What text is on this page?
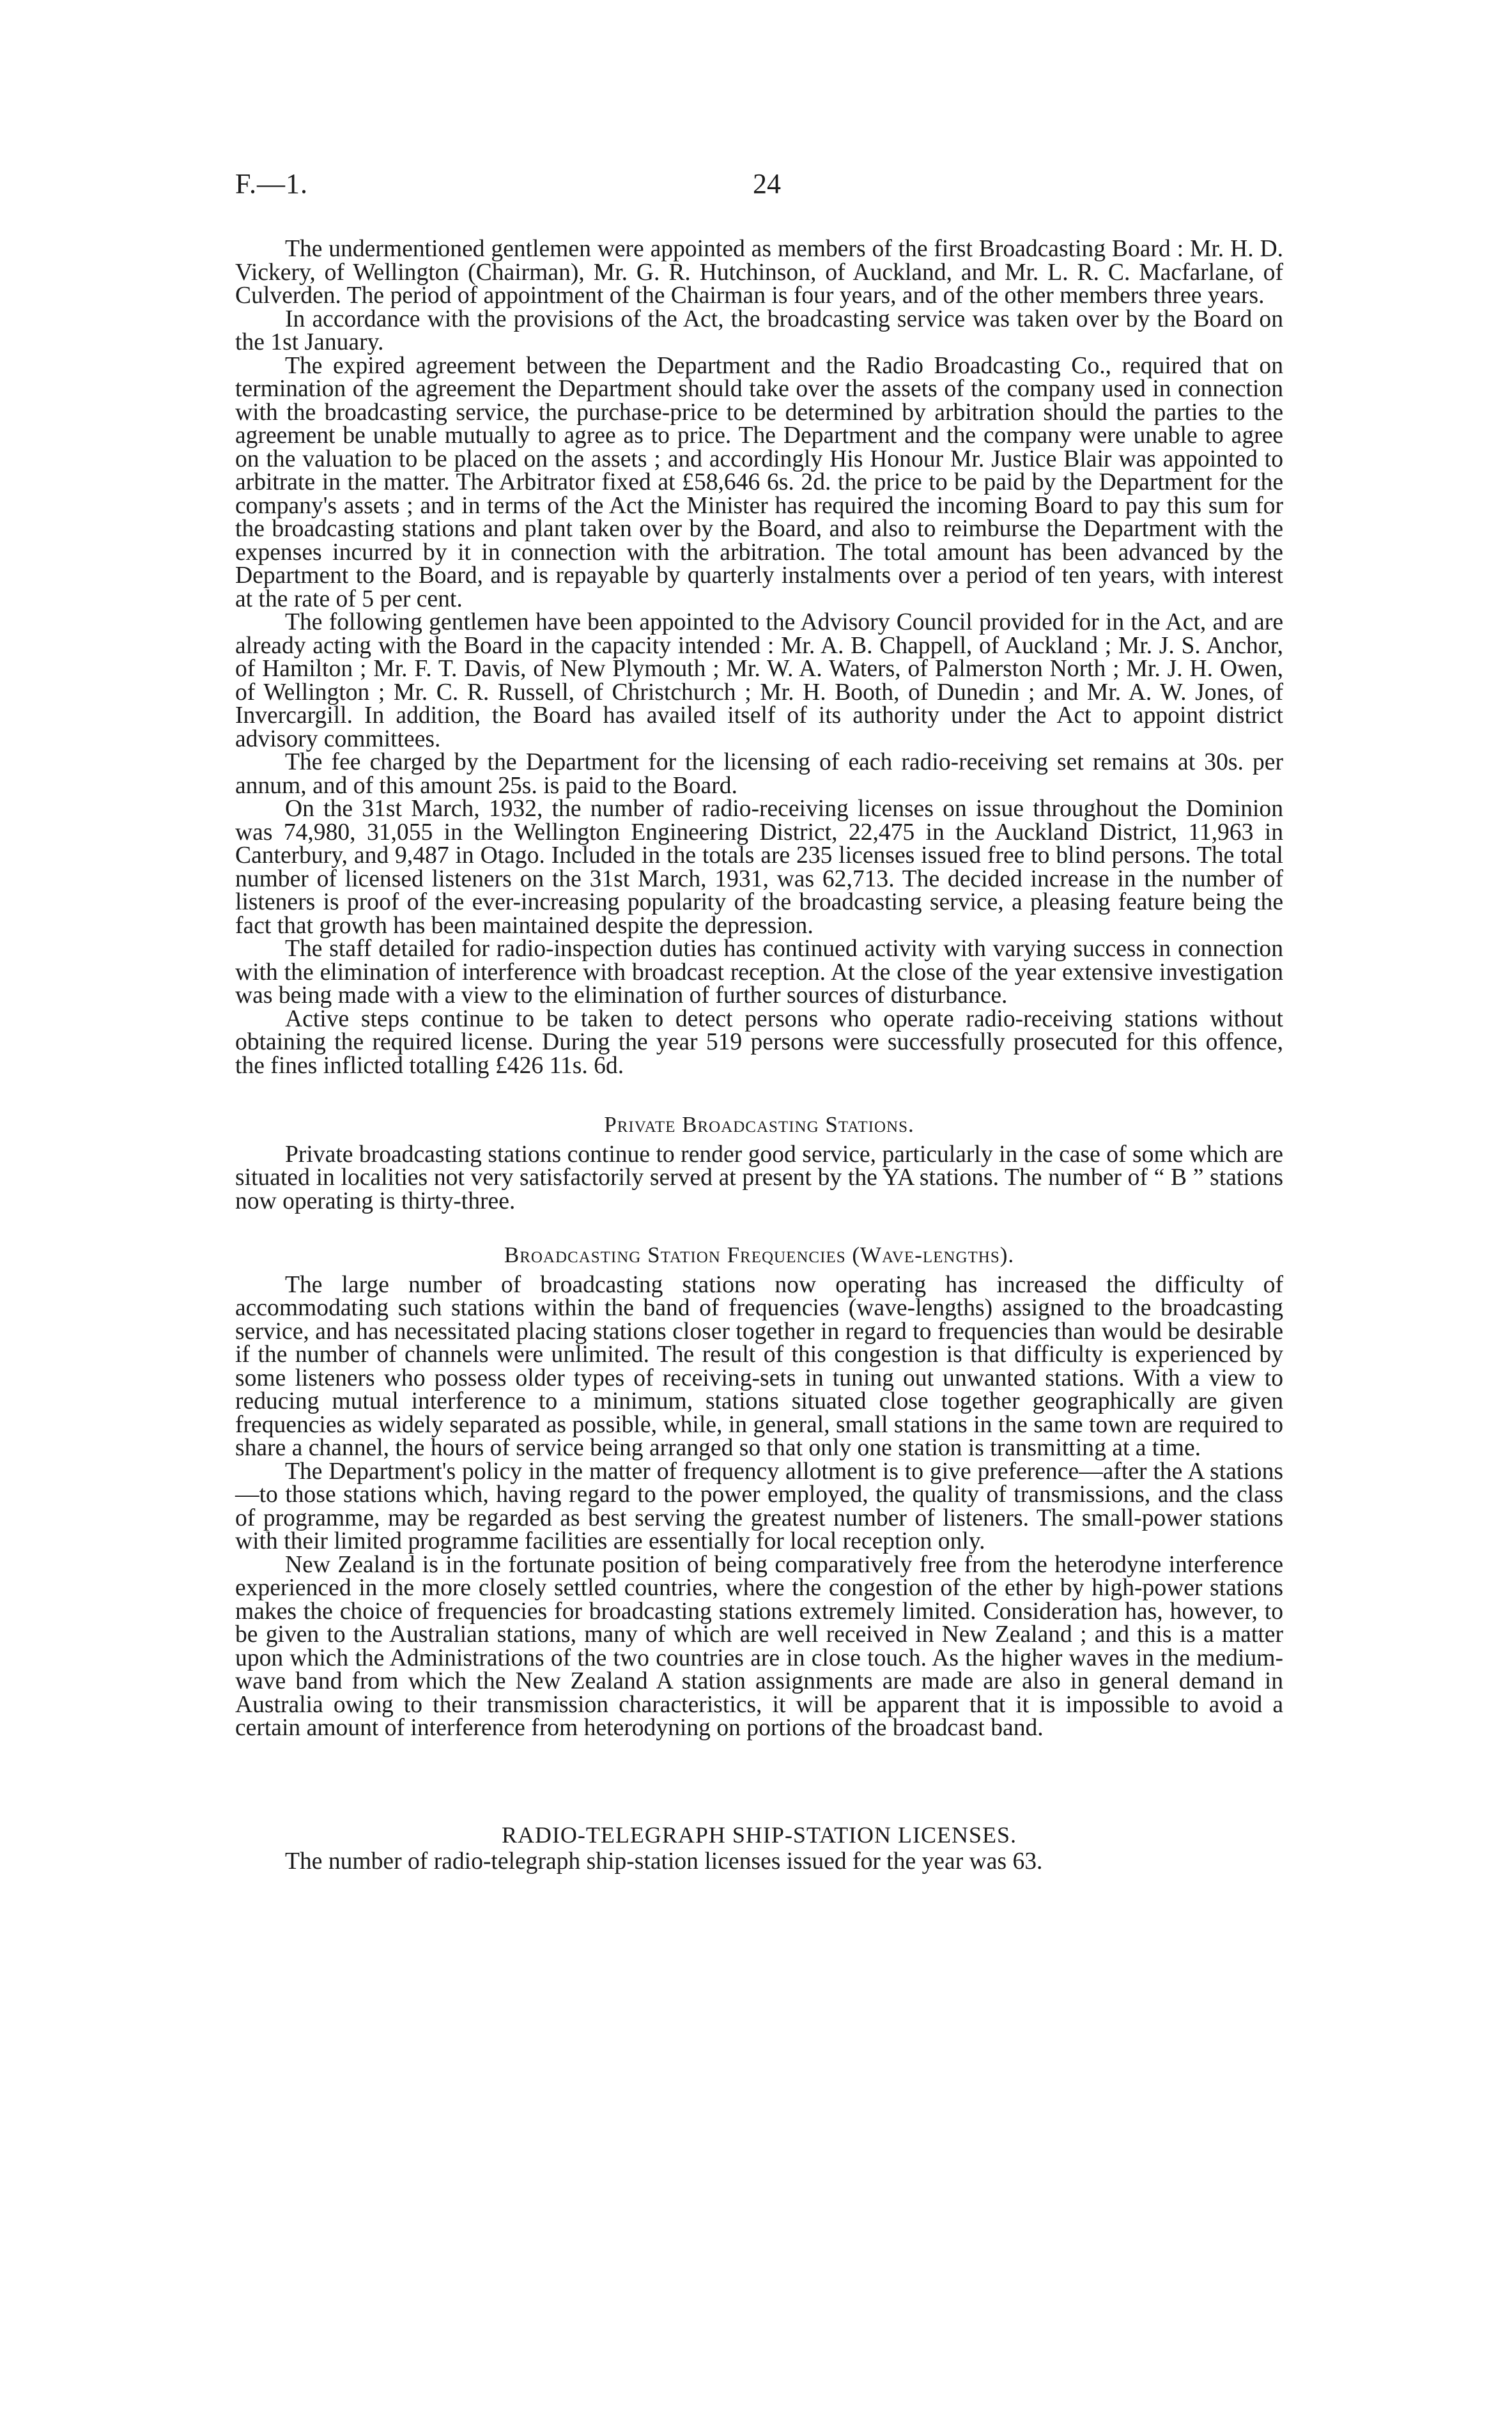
F.—1.	24

The undermentioned gentlemen were appointed as members of the first Broadcasting Board : Mr. H. D. Vickery, of Wellington (Chairman), Mr. G. R. Hutchinson, of Auckland, and Mr. L. R. C. Macfarlane, of Culverden. The period of appointment of the Chairman is four years, and of the other members three years.

In accordance with the provisions of the Act, the broadcasting service was taken over by the Board on the 1st January.

The expired agreement between the Department and the Radio Broadcasting Co., required that on termination of the agreement the Department should take over the assets of the company used in connection with the broadcasting service, the purchase-price to be determined by arbitration should the parties to the agreement be unable mutually to agree as to price. The Department and the company were unable to agree on the valuation to be placed on the assets ; and accordingly His Honour Mr. Justice Blair was appointed to arbitrate in the matter. The Arbitrator fixed at £58,646 6s. 2d. the price to be paid by the Department for the company's assets ; and in terms of the Act the Minister has required the incoming Board to pay this sum for the broadcasting stations and plant taken over by the Board, and also to reimburse the Department with the expenses incurred by it in connection with the arbitration. The total amount has been advanced by the Department to the Board, and is repayable by quarterly instalments over a period of ten years, with interest at the rate of 5 per cent.

The following gentlemen have been appointed to the Advisory Council provided for in the Act, and are already acting with the Board in the capacity intended : Mr. A. B. Chappell, of Auckland ; Mr. J. S. Anchor, of Hamilton ; Mr. F. T. Davis, of New Plymouth ; Mr. W. A. Waters, of Palmerston North ; Mr. J. H. Owen, of Wellington ; Mr. C. R. Russell, of Christchurch ; Mr. H. Booth, of Dunedin ; and Mr. A. W. Jones, of Invercargill. In addition, the Board has availed itself of its authority under the Act to appoint district advisory committees.

The fee charged by the Department for the licensing of each radio-receiving set remains at 30s. per annum, and of this amount 25s. is paid to the Board.

On the 31st March, 1932, the number of radio-receiving licenses on issue throughout the Dominion was 74,980, 31,055 in the Wellington Engineering District, 22,475 in the Auckland District, 11,963 in Canterbury, and 9,487 in Otago. Included in the totals are 235 licenses issued free to blind persons. The total number of licensed listeners on the 31st March, 1931, was 62,713. The decided increase in the number of listeners is proof of the ever-increasing popularity of the broadcasting service, a pleasing feature being the fact that growth has been maintained despite the depression.

The staff detailed for radio-inspection duties has continued activity with varying success in connection with the elimination of interference with broadcast reception. At the close of the year extensive investigation was being made with a view to the elimination of further sources of disturbance.

Active steps continue to be taken to detect persons who operate radio-receiving stations without obtaining the required license. During the year 519 persons were successfully prosecuted for this offence, the fines inflicted totalling £426 11s. 6d.

Private Broadcasting Stations.

Private broadcasting stations continue to render good service, particularly in the case of some which are situated in localities not very satisfactorily served at present by the YA stations. The number of “ B ” stations now operating is thirty-three.

Broadcasting Station Frequencies (Wave-lengths).

The large number of broadcasting stations now operating has increased the difficulty of accommodating such stations within the band of frequencies (wave-lengths) assigned to the broadcasting service, and has necessitated placing stations closer together in regard to frequencies than would be desirable if the number of channels were unlimited. The result of this congestion is that difficulty is experienced by some listeners who possess older types of receiving-sets in tuning out unwanted stations. With a view to reducing mutual interference to a minimum, stations situated close together geographically are given frequencies as widely separated as possible, while, in general, small stations in the same town are required to share a channel, the hours of service being arranged so that only one station is transmitting at a time.

The Department's policy in the matter of frequency allotment is to give preference—after the A stations—to those stations which, having regard to the power employed, the quality of transmissions, and the class of programme, may be regarded as best serving the greatest number of listeners. The small-power stations with their limited programme facilities are essentially for local reception only.

New Zealand is in the fortunate position of being comparatively free from the heterodyne interference experienced in the more closely settled countries, where the congestion of the ether by high-power stations makes the choice of frequencies for broadcasting stations extremely limited. Consideration has, however, to be given to the Australian stations, many of which are well received in New Zealand ; and this is a matter upon which the Administrations of the two countries are in close touch. As the higher waves in the medium-wave band from which the New Zealand A station assignments are made are also in general demand in Australia owing to their transmission characteristics, it will be apparent that it is impossible to avoid a certain amount of interference from heterodyning on portions of the broadcast band.

RADIO-TELEGRAPH SHIP-STATION LICENSES.

The number of radio-telegraph ship-station licenses issued for the year was 63.
